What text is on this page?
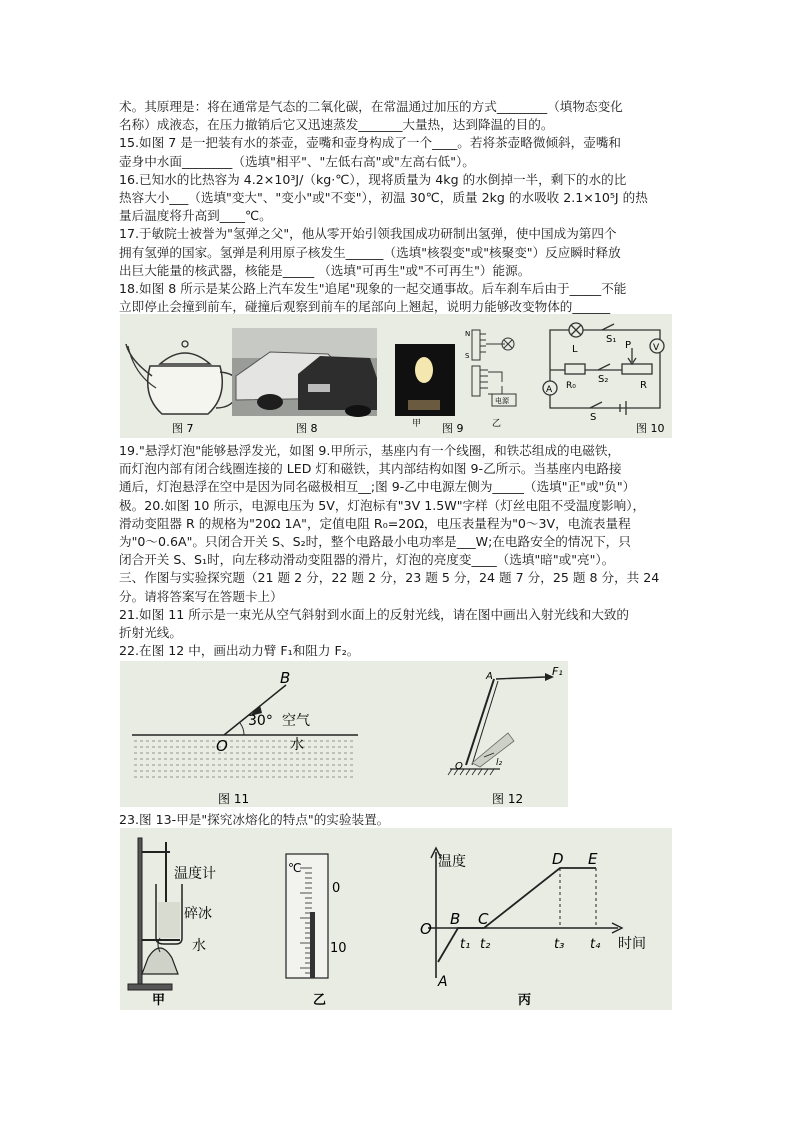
术。其原理是：将在通常是气态的二氧化碳，在常温通过加压的方式________（填物态变化

名称）成液态，在压力撤销后它又迅速蒸发_______大量热，达到降温的目的。

15.如图 7 是一把装有水的茶壶，壶嘴和壶身构成了一个____。若将茶壶略微倾斜，壶嘴和

壶身中水面________（选填"相平"、"左低右高"或"左高右低"）。

16.已知水的比热容为 4.2×10³J/（kg·℃），现将质量为 4kg 的水倒掉一半，剩下的水的比

热容大小___（选填"变大"、"变小"或"不变"），初温 30℃，质量 2kg 的水吸收 2.1×10⁵J 的热

量后温度将升高到____℃。

17.于敏院士被誉为"氢弹之父"，他从零开始引领我国成功研制出氢弹，使中国成为第四个

拥有氢弹的国家。氢弹是利用原子核发生______（选填"核裂变"或"核聚变"）反应瞬时释放

出巨大能量的核武器，核能是_____ （选填"可再生"或"不可再生"）能源。

18.如图 8 所示是某公路上汽车发生"追尾"现象的一起交通事故。后车刹车后由于_____不能

立即停止会撞到前车，碰撞后观察到前车的尾部向上翘起，说明力能够改变物体的______

图 7	图 8	甲
N
S
电源
乙
图 9
S₁
L
R₀
S₂
R
P V
A
S
图 10

19."悬浮灯泡"能够悬浮发光，如图 9.甲所示，基座内有一个线圈，和铁芯组成的电磁铁，

而灯泡内部有闭合线圈连接的 LED 灯和磁铁，其内部结构如图 9-乙所示。当基座内电路接

通后，灯泡悬浮在空中是因为同名磁极相互__;图 9-乙中电源左侧为_____（选填"正"或"负"）

极。20.如图 10 所示，电源电压为 5V，灯泡标有"3V 1.5W"字样（灯丝电阻不受温度影响），

滑动变阻器 R 的规格为"20Ω 1A"，定值电阻 R₀=20Ω，电压表量程为"0～3V，电流表量程

为"0～0.6A"。只闭合开关 S、S₂时，整个电路最小电功率是___W;在电路安全的情况下，只

闭合开关 S、S₁时，向左移动滑动变阻器的滑片，灯泡的亮度变____（选填"暗"或"亮"）。

三、作图与实验探究题（21 题 2 分，22 题 2 分，23 题 5 分，24 题 7 分，25 题 8 分，共 24

分。请将答案写在答题卡上）

21.如图 11 所示是一束光从空气斜射到水面上的反射光线，请在图中画出入射光线和大致的

折射光线。

22.在图 12 中，画出动力臂 F₁和阻力 F₂。

B
O
30° 空气
水
图 11
A	F₁
O	l₂
图 12

23.图 13-甲是"探究冰熔化的特点"的实验装置。

温度计
碎冰
水
甲
℃
0
10
乙
温度
时间
O
A
B C
D E
t₁ t₂	t₃ t₄
丙
